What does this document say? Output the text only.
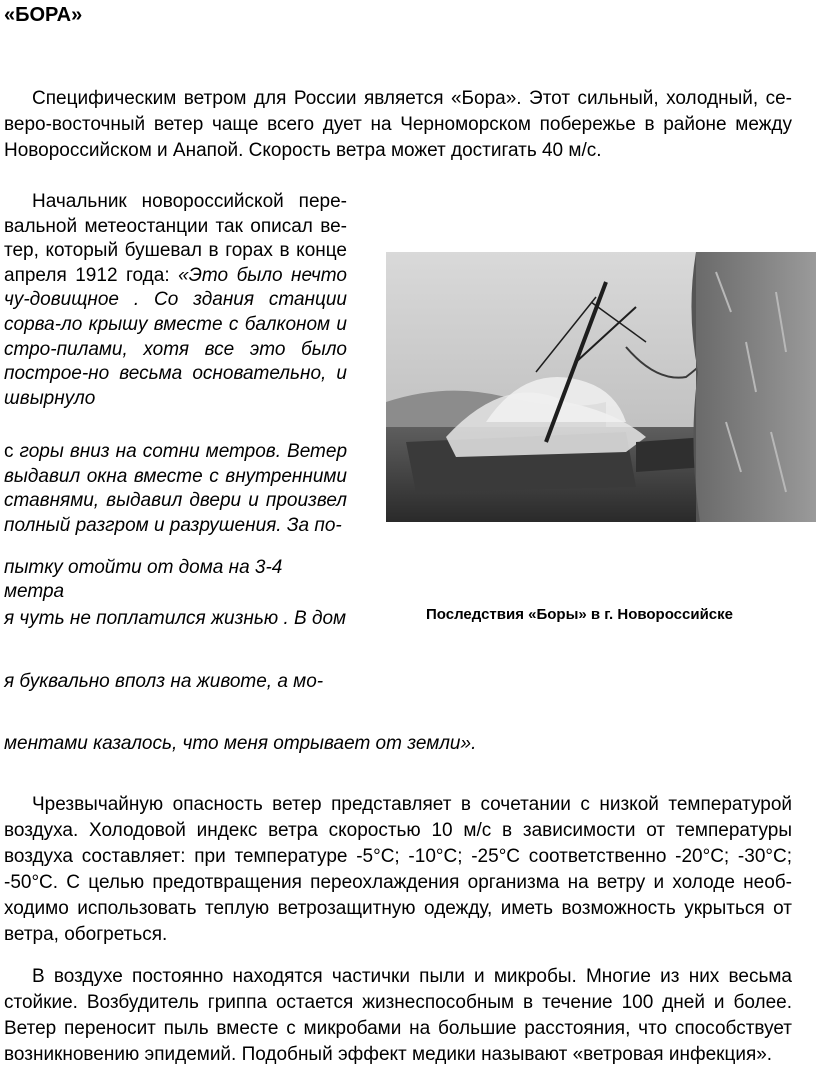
«БОРА»

Специфическим ветром для России является «Бора». Этот сильный, холодный, се-веро-восточный ветер чаще всего дует на Черноморском побережье в районе между Новороссийском и Анапой. Скорость ветра может достигать 40 м/с.

Начальник новороссийской пере-вальной метеостанции так описал ве-тер, который бушевал в горах в конце апреля 1912 года: «Это было нечто чу-довищное . Со здания станции сорва-ло крышу вместе с балконом и стро-пилами, хотя все это было построе-но весьма основательно, и швырнуло
с горы вниз на сотни метров. Ветер выдавил окна вместе с внутренними ставнями, выдавил двери и произвел полный разгром и разрушения. За по-
пытку отойти от дома на 3-4 метра
я чуть не поплатился жизнью . В дом
я буквально вполз на животе, а мо-
ментами казалось, что меня отрывает от земли».
Последствия «Боры» в г. Новороссийске

Чрезвычайную опасность ветер представляет в сочетании с низкой температурой воздуха. Холодовой индекс ветра скоростью 10 м/с в зависимости от температуры воздуха составляет: при температуре -5°С; -10°С; -25°С соответственно -20°С; -30°С; -50°С. С целью предотвращения переохлаждения организма на ветру и холоде необ-ходимо использовать теплую ветрозащитную одежду, иметь возможность укрыться от ветра, обогреться.

В воздухе постоянно находятся частички пыли и микробы. Многие из них весьма стойкие. Возбудитель гриппа остается жизнеспособным в течение 100 дней и более. Ветер переносит пыль вместе с микробами на большие расстояния, что способствует возникновению эпидемий. Подобный эффект медики называют «ветровая инфекция».
